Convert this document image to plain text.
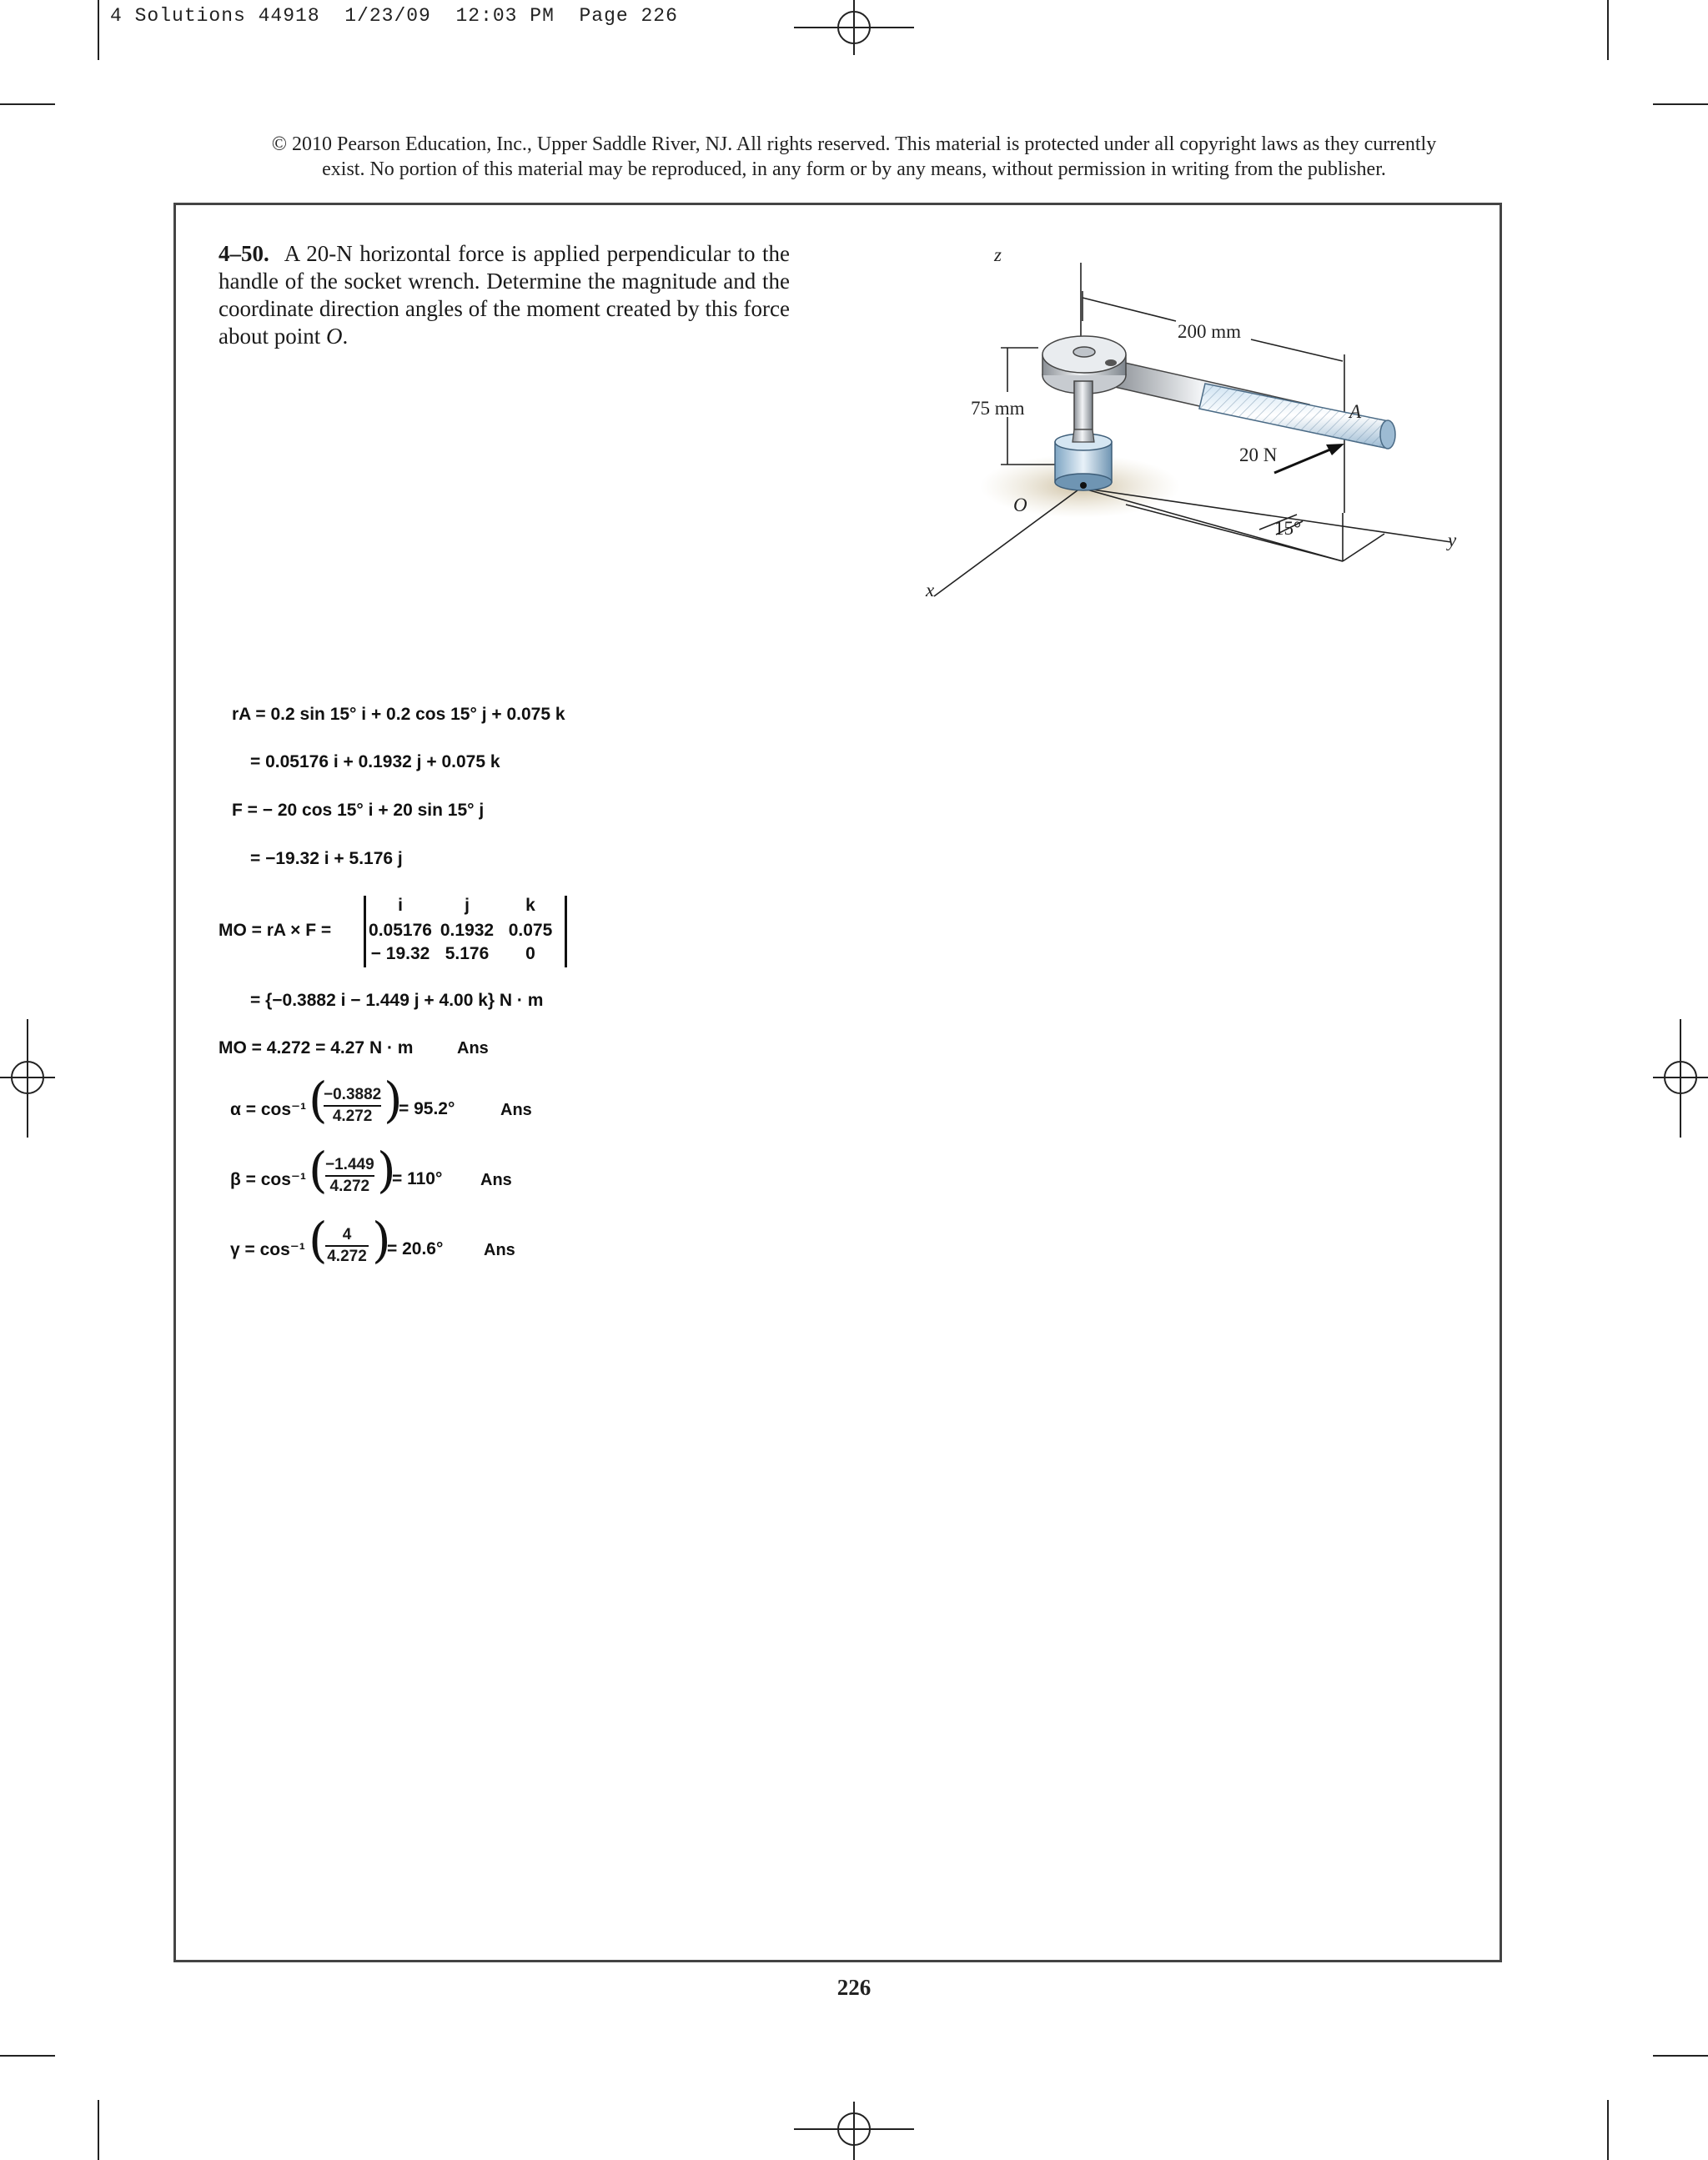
4 Solutions 44918  1/23/09  12:03 PM  Page 226
© 2010 Pearson Education, Inc., Upper Saddle River, NJ. All rights reserved. This material is protected under all copyright laws as they currently
exist. No portion of this material may be reproduced, in any form or by any means, without permission in writing from the publisher.
4–50. A 20-N horizontal force is applied perpendicular to the handle of the socket wrench. Determine the magnitude and the coordinate direction angles of the moment created by this force about point O.
z
x
y
O
A
200 mm
75 mm
20 N
15°
rA = 0.2 sin 15° i + 0.2 cos 15° j + 0.075 k
= 0.05176 i + 0.1932 j + 0.075 k
F = − 20 cos 15° i + 20 sin 15° j
= −19.32 i + 5.176 j
MO = rA × F =
i	j	k
0.05176 0.1932 0.075
− 19.32 5.176	0
= {−0.3882 i − 1.449 j + 4.00 k} N · m
MO = 4.272 = 4.27 N · m	Ans
α = cos⁻¹ (
−0.3882
4.272 )
= 95.2°	Ans
β = cos⁻¹ (
−1.449
4.272 )
= 110° Ans
γ = cos⁻¹ ( 4
4.272 )
= 20.6° Ans
226
